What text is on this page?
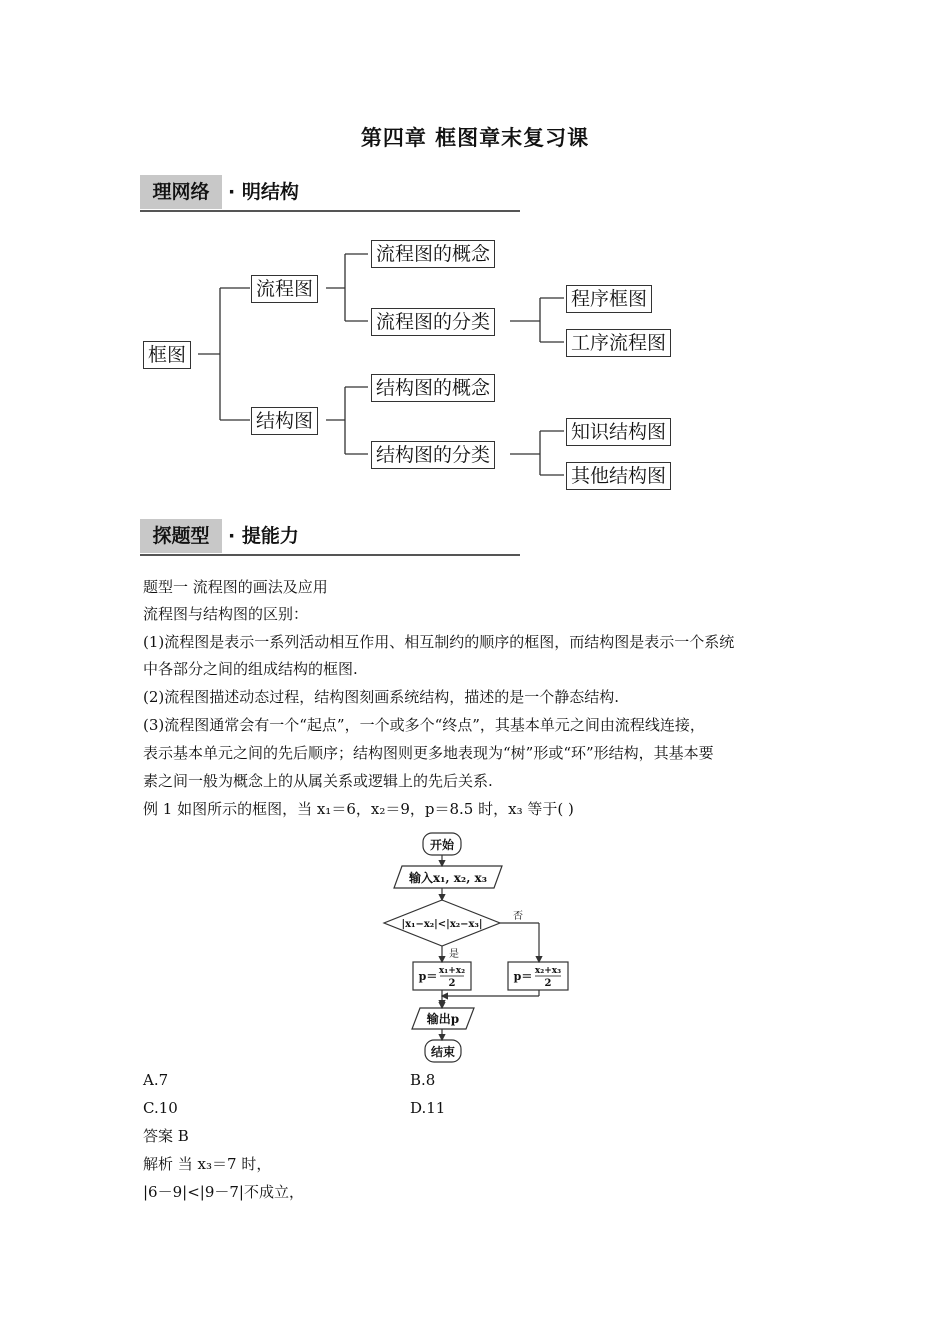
第四章 框图章末复习课
理网络 · 明结构
框图
流程图
流程图的概念
流程图的分类
程序框图
工序流程图
结构图
结构图的概念
结构图的分类
知识结构图
其他结构图
探题型 · 提能力
题型一 流程图的画法及应用
流程图与结构图的区别：
(1)流程图是表示一系列活动相互作用、相互制约的顺序的框图，而结构图是表示一个系统
中各部分之间的组成结构的框图.
(2)流程图描述动态过程，结构图刻画系统结构，描述的是一个静态结构.
(3)流程图通常会有一个“起点”，一个或多个“终点”，其基本单元之间由流程线连接，
表示基本单元之间的先后顺序；结构图则更多地表现为“树”形或“环”形结构，其基本要
素之间一般为概念上的从属关系或逻辑上的先后关系.
例 1 如图所示的框图，当 x₁＝6，x₂＝9，p＝8.5 时，x₃ 等于( )
开始
输入x₁, x₂, x₃
|x₁−x₂|<|x₂−x₃|
是
否
p＝ x₁+x₂
2
p＝ x₂+x₃
2
输出p
结束
A.7	B.8
C.10	D.11
答案 B
解析 当 x₃＝7 时，
|6－9|<|9－7|不成立，
